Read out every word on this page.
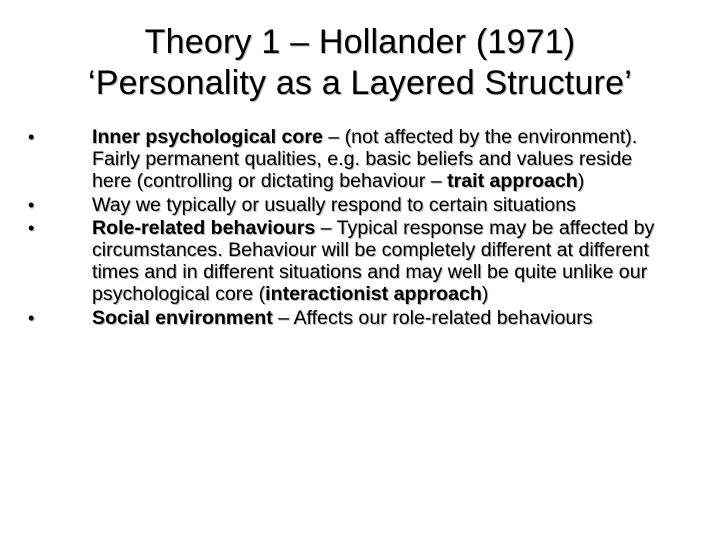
Theory 1 – Hollander (1971)
‘Personality as a Layered Structure’
•	Inner psychological core – (not affected by the environment). Fairly permanent qualities, e.g. basic beliefs and values reside here (controlling or dictating behaviour – trait approach)
•	Way we typically or usually respond to certain situations
•	Role-related behaviours – Typical response may be affected by circumstances. Behaviour will be completely different at different times and in different situations and may well be quite unlike our psychological core (interactionist approach)
•	Social environment – Affects our role-related behaviours
